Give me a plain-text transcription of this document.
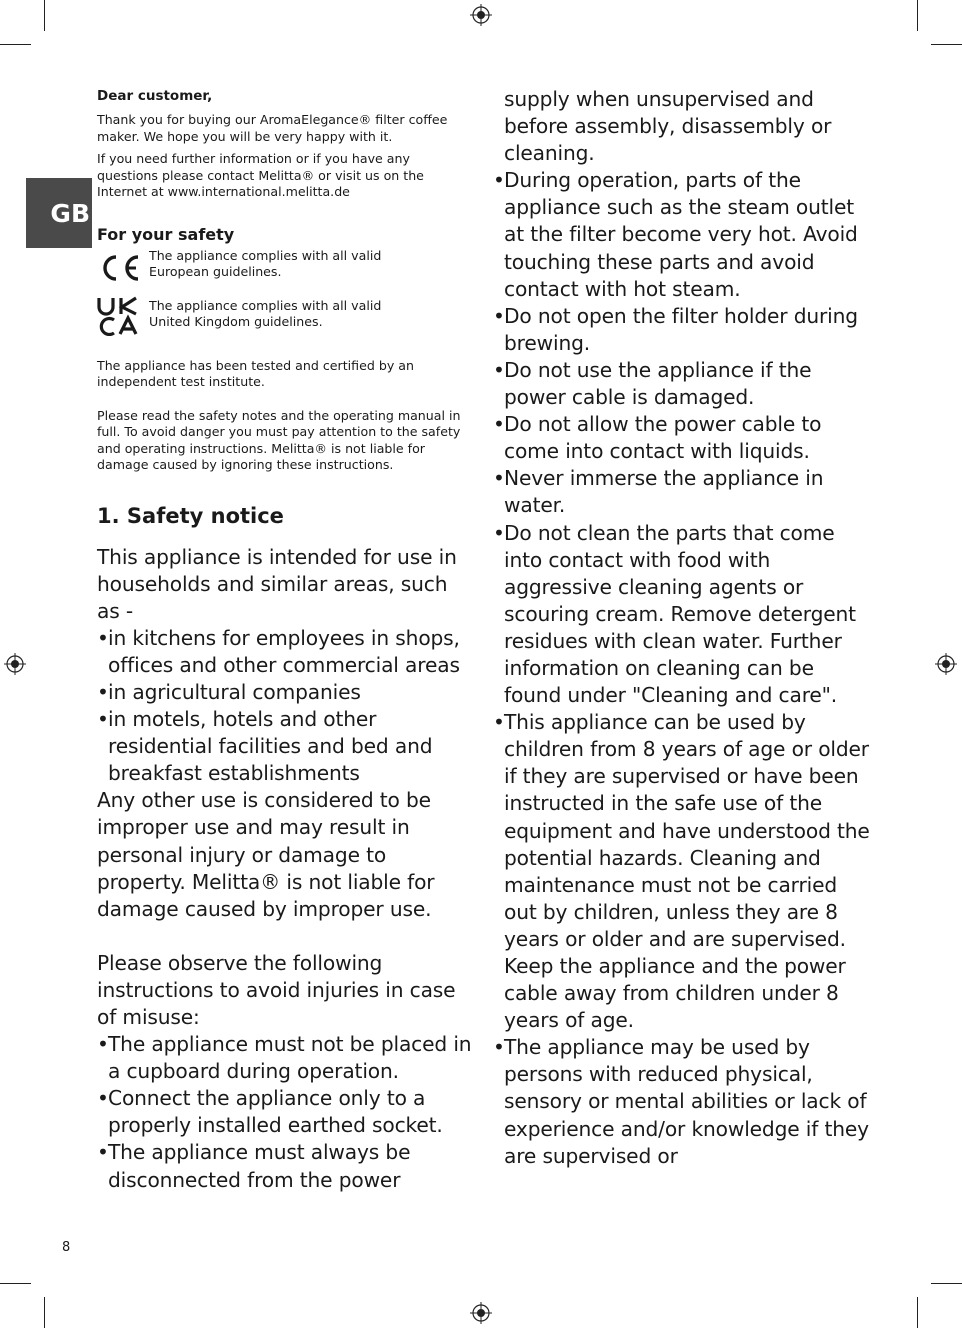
GB

Dear customer,

Thank you for buying our AromaElegance® filter coffee maker. We hope you will be very happy with it.

If you need further information or if you have any questions please contact Melitta® or visit us on the Internet at www.international.melitta.de

For your safety

The appliance complies with all valid European guidelines.
The appliance complies with all valid United Kingdom guidelines.

The appliance has been tested and certified by an independent test institute.

Please read the safety notes and the operating manual in full. To avoid danger you must pay attention to the safety and operating instructions. Melitta® is not liable for damage caused by ignoring these instructions.

1. Safety notice

This appliance is intended for use in households and similar areas, such as -

• in kitchens for employees in shops, offices and other commercial areas
• in agricultural companies
• in motels, hotels and other residential facilities and bed and breakfast establishments

Any other use is considered to be improper use and may result in personal injury or damage to property. Melitta® is not liable for damage caused by improper use.

Please observe the following instructions to avoid injuries in case of misuse:

• The appliance must not be placed in a cupboard during operation.
• Connect the appliance only to a properly installed earthed socket.
• The appliance must always be disconnected from the power

supply when unsupervised and before assembly, disassembly or cleaning.

• During operation, parts of the appliance such as the steam outlet at the filter become very hot. Avoid touching these parts and avoid contact with hot steam.
• Do not open the filter holder during brewing.
• Do not use the appliance if the power cable is damaged.
• Do not allow the power cable to come into contact with liquids.
• Never immerse the appliance in water.
• Do not clean the parts that come into contact with food with aggressive cleaning agents or scouring cream. Remove detergent residues with clean water. Further information on cleaning can be found under "Cleaning and care".
• This appliance can be used by children from 8 years of age or older if they are supervised or have been instructed in the safe use of the equipment and have understood the potential hazards. Cleaning and maintenance must not be carried out by children, unless they are 8 years or older and are supervised. Keep the appliance and the power cable away from children under 8 years of age.
• The appliance may be used by persons with reduced physical, sensory or mental abilities or lack of experience and/or knowledge if they are supervised or
8
